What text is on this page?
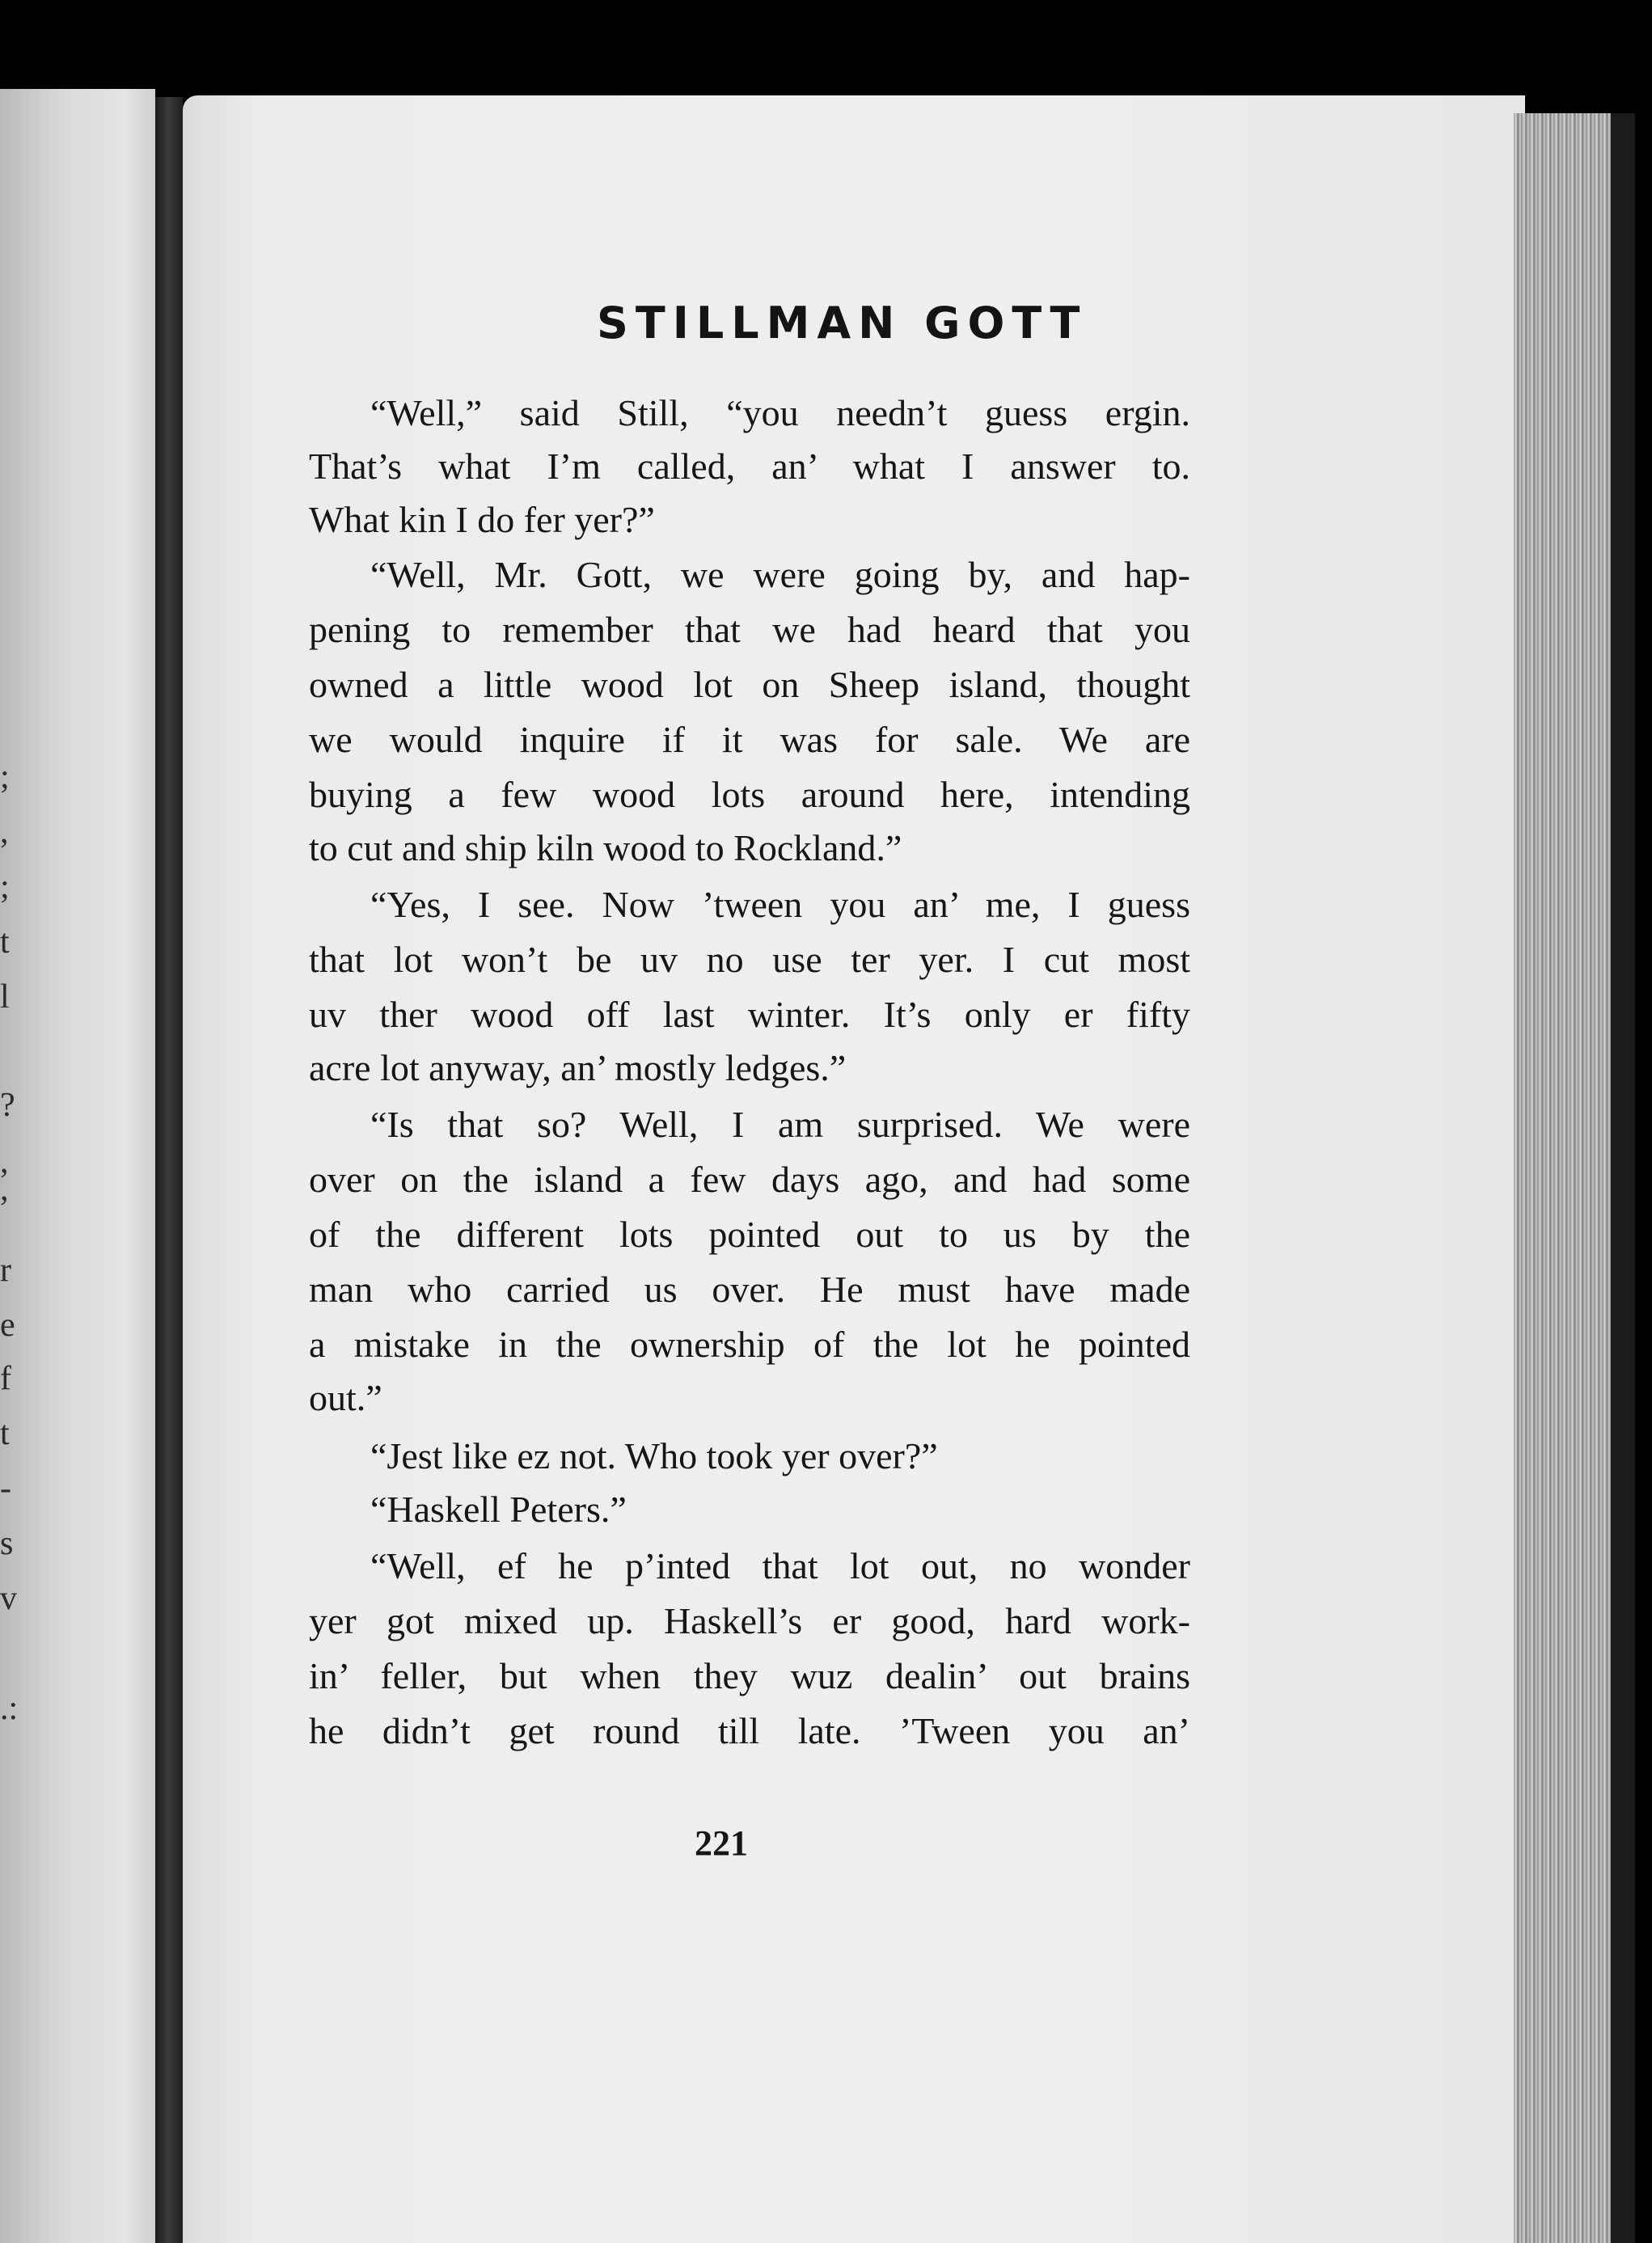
;
,
;
t
l
?
,
,
r
e
f
t
-
s
v
.:
STILLMAN GOTT
“Well,” said Still, “you needn’t guess ergin.
That’s what I’m called, an’ what I answer to.
What kin I do fer yer?”
“Well, Mr. Gott, we were going by, and hap-
pening to remember that we had heard that you
owned a little wood lot on Sheep island, thought
we would inquire if it was for sale. We are
buying a few wood lots around here, intending
to cut and ship kiln wood to Rockland.”
“Yes, I see. Now ’tween you an’ me, I guess
that lot won’t be uv no use ter yer. I cut most
uv ther wood off last winter. It’s only er fifty
acre lot anyway, an’ mostly ledges.”
“Is that so? Well, I am surprised. We were
over on the island a few days ago, and had some
of the different lots pointed out to us by the
man who carried us over. He must have made
a mistake in the ownership of the lot he pointed
out.”
“Jest like ez not. Who took yer over?”
“Haskell Peters.”
“Well, ef he p’inted that lot out, no wonder
yer got mixed up. Haskell’s er good, hard work-
in’ feller, but when they wuz dealin’ out brains
he didn’t get round till late. ’Tween you an’
221
